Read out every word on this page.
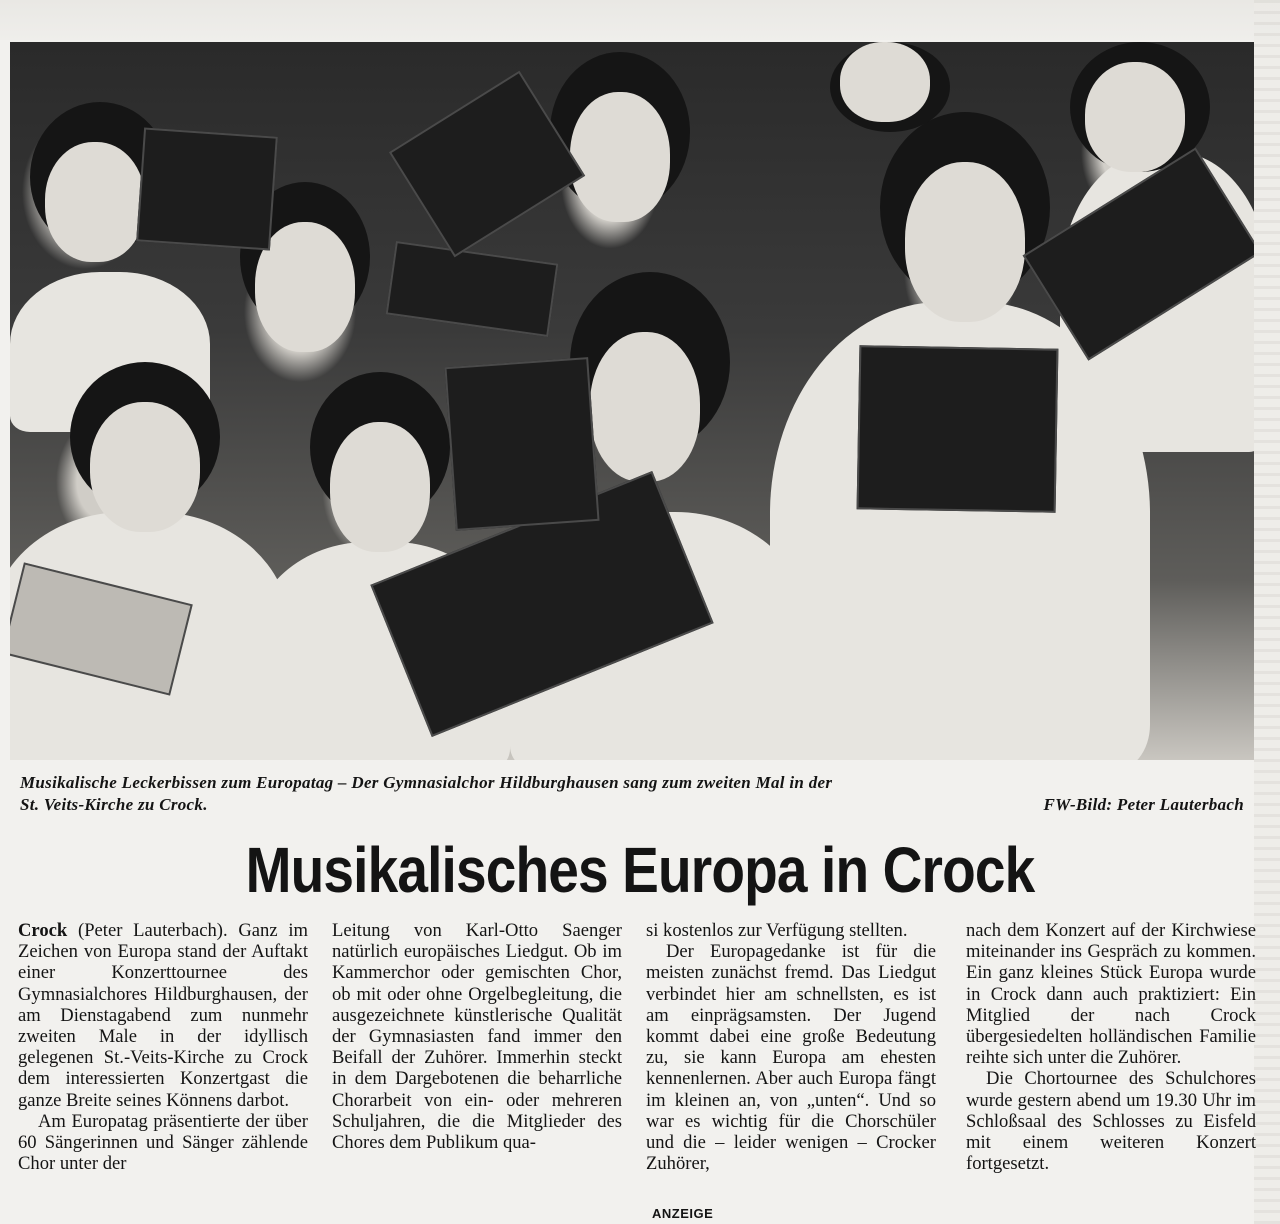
Musikalische Leckerbissen zum Europatag – Der Gymnasialchor Hildburghausen sang zum zweiten Mal in der
St. Veits-Kirche zu Crock.	FW-Bild: Peter Lauterbach
Musikalisches Europa in Crock

Crock (Peter Lauterbach). Ganz im Zeichen von Europa stand der Auftakt einer Konzerttournee des Gymnasialchores Hildburghausen, der am Dienstagabend zum nunmehr zweiten Male in der idyllisch gelegenen St.-Veits-Kirche zu Crock dem interessierten Konzertgast die ganze Breite seines Könnens darbot.

Am Europatag präsentierte der über 60 Sängerinnen und Sänger zählende Chor unter der

Leitung von Karl-Otto Saenger natürlich europäisches Liedgut. Ob im Kammerchor oder gemischten Chor, ob mit oder ohne Orgelbegleitung, die ausgezeichnete künstlerische Qualität der Gymnasiasten fand immer den Beifall der Zuhörer. Immerhin steckt in dem Dargebotenen die beharrliche Chorarbeit von ein- oder mehreren Schuljahren, die die Mitglieder des Chores dem Publikum qua-

si kostenlos zur Verfügung stellten.

Der Europagedanke ist für die meisten zunächst fremd. Das Liedgut verbindet hier am schnellsten, es ist am einprägsamsten. Der Jugend kommt dabei eine große Bedeutung zu, sie kann Europa am ehesten kennenlernen. Aber auch Europa fängt im kleinen an, von „unten“. Und so war es wichtig für die Chorschüler und die – leider wenigen – Crocker Zuhörer,

nach dem Konzert auf der Kirchwiese miteinander ins Gespräch zu kommen. Ein ganz kleines Stück Europa wurde in Crock dann auch praktiziert: Ein Mitglied der nach Crock übergesiedelten holländischen Familie reihte sich unter die Zuhörer.

Die Chortournee des Schulchores wurde gestern abend um 19.30 Uhr im Schloßsaal des Schlosses zu Eisfeld mit einem weiteren Konzert fortgesetzt.

ANZEIGE
